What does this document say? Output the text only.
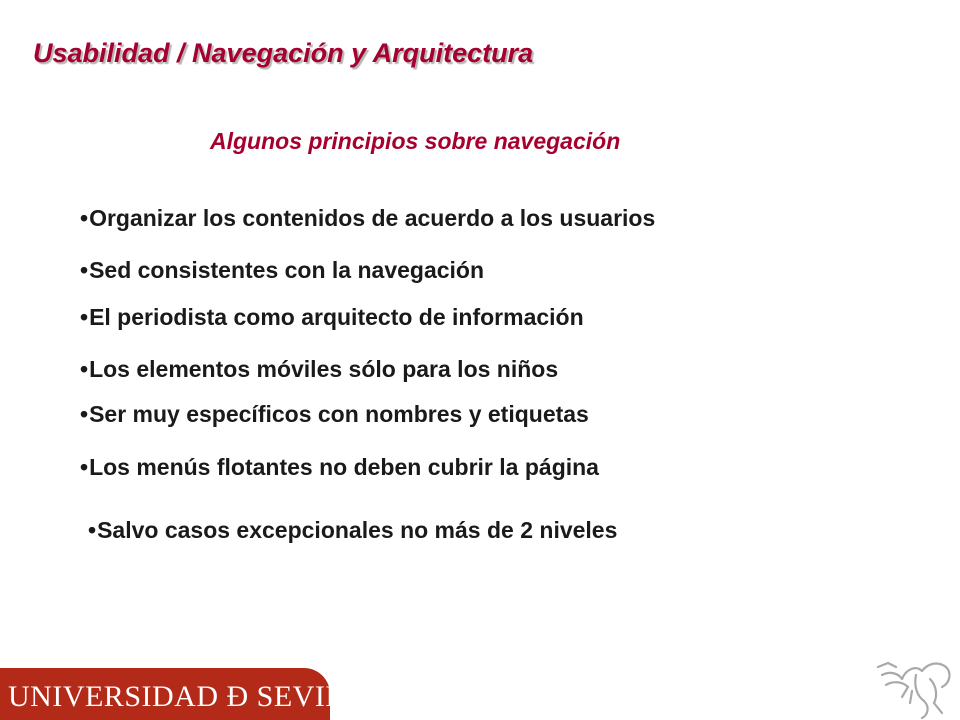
Usabilidad / Navegación y Arquitectura
Algunos principios sobre navegación

•Organizar los contenidos de acuerdo a los usuarios

•Sed consistentes con la navegación

•El periodista como arquitecto de información

•Los elementos móviles sólo para los niños

•Ser muy específicos con nombres y etiquetas

•Los menús flotantes no deben cubrir la página

•Salvo casos excepcionales no más de 2 niveles

UNIVERSIDAD Ð SEVILLA
